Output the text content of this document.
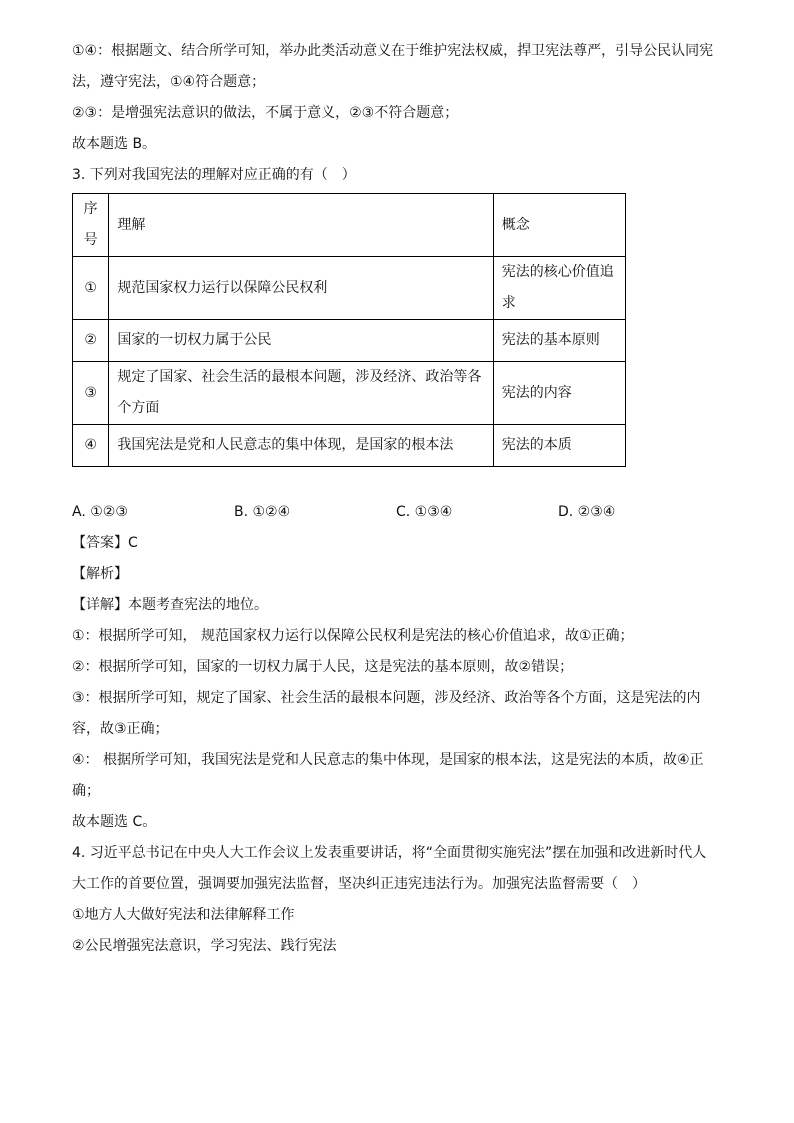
①④：根据题文、结合所学可知，举办此类活动意义在于维护宪法权威，捍卫宪法尊严，引导公民认同宪
法，遵守宪法，①④符合题意；
②③：是增强宪法意识的做法，不属于意义，②③不符合题意；
故本题选 B。
3. 下列对我国宪法的理解对应正确的有（　）
序
号	理解	概念
①	规范国家权力运行以保障公民权利	宪法的核心价值追
求

②	国家的一切权力属于公民	宪法的基本原则
③	规定了国家、社会生活的最根本问题，涉及经济、政治等各
个方面	宪法的内容
④	我国宪法是党和人民意志的集中体现，是国家的根本法	宪法的本质
A. ①②③	B. ①②④	C. ①③④	D. ②③④
【答案】C
【解析】
【详解】本题考查宪法的地位。
①：根据所学可知， 规范国家权力运行以保障公民权利是宪法的核心价值追求，故①正确；
②：根据所学可知，国家的一切权力属于人民，这是宪法的基本原则，故②错误；
③：根据所学可知，规定了国家、社会生活的最根本问题，涉及经济、政治等各个方面，这是宪法的内
容，故③正确；
④： 根据所学可知，我国宪法是党和人民意志的集中体现，是国家的根本法，这是宪法的本质，故④正
确；
故本题选 C。
4. 习近平总书记在中央人大工作会议上发表重要讲话，将“全面贯彻实施宪法”摆在加强和改进新时代人
大工作的首要位置，强调要加强宪法监督，坚决纠正违宪违法行为。加强宪法监督需要（　）
①地方人大做好宪法和法律解释工作
②公民增强宪法意识，学习宪法、践行宪法
